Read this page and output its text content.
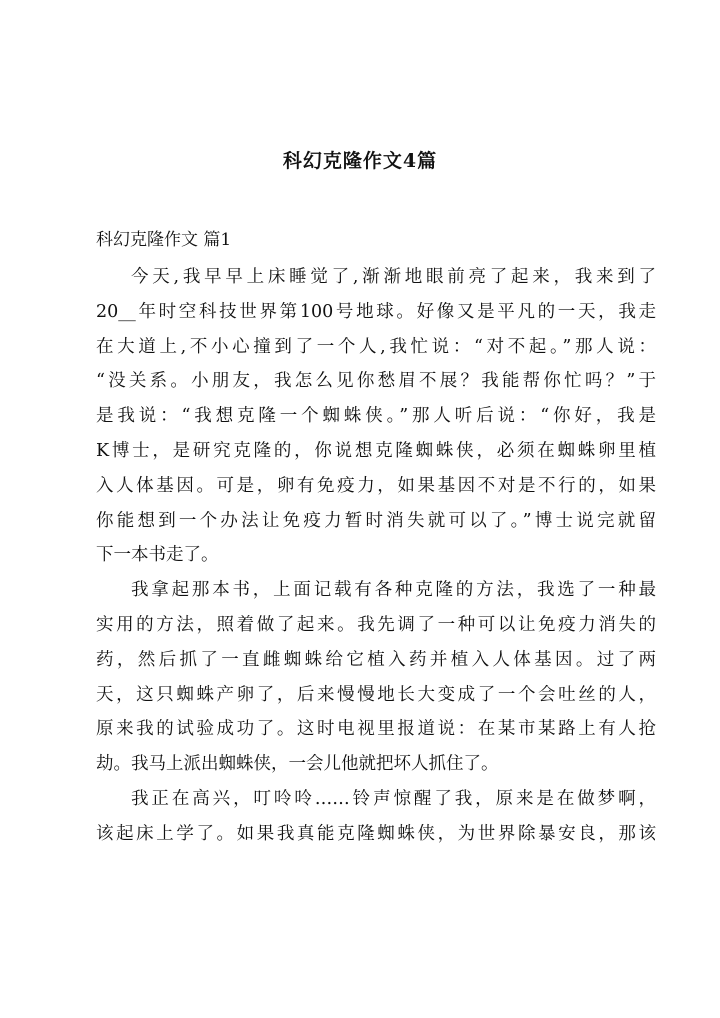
科幻克隆作文4篇
科幻克隆作文 篇1
今天,我早早上床睡觉了,渐渐地眼前亮了起来，我来到了
20__年时空科技世界第100号地球。好像又是平凡的一天，我走
在大道上,不小心撞到了一个人,我忙说：“对不起。”那人说：
“没关系。小朋友，我怎么见你愁眉不展？我能帮你忙吗？”于
是我说：“我想克隆一个蜘蛛侠。”那人听后说：“你好，我是
K博士，是研究克隆的，你说想克隆蜘蛛侠，必须在蜘蛛卵里植
入人体基因。可是，卵有免疫力，如果基因不对是不行的，如果
你能想到一个办法让免疫力暂时消失就可以了。”博士说完就留
下一本书走了。
我拿起那本书，上面记载有各种克隆的方法，我选了一种最
实用的方法，照着做了起来。我先调了一种可以让免疫力消失的
药，然后抓了一直雌蜘蛛给它植入药并植入人体基因。过了两
天，这只蜘蛛产卵了，后来慢慢地长大变成了一个会吐丝的人，
原来我的试验成功了。这时电视里报道说：在某市某路上有人抢
劫。我马上派出蜘蛛侠，一会儿他就把坏人抓住了。
我正在高兴，叮呤呤……铃声惊醒了我，原来是在做梦啊，
该起床上学了。如果我真能克隆蜘蛛侠，为世界除暴安良，那该
